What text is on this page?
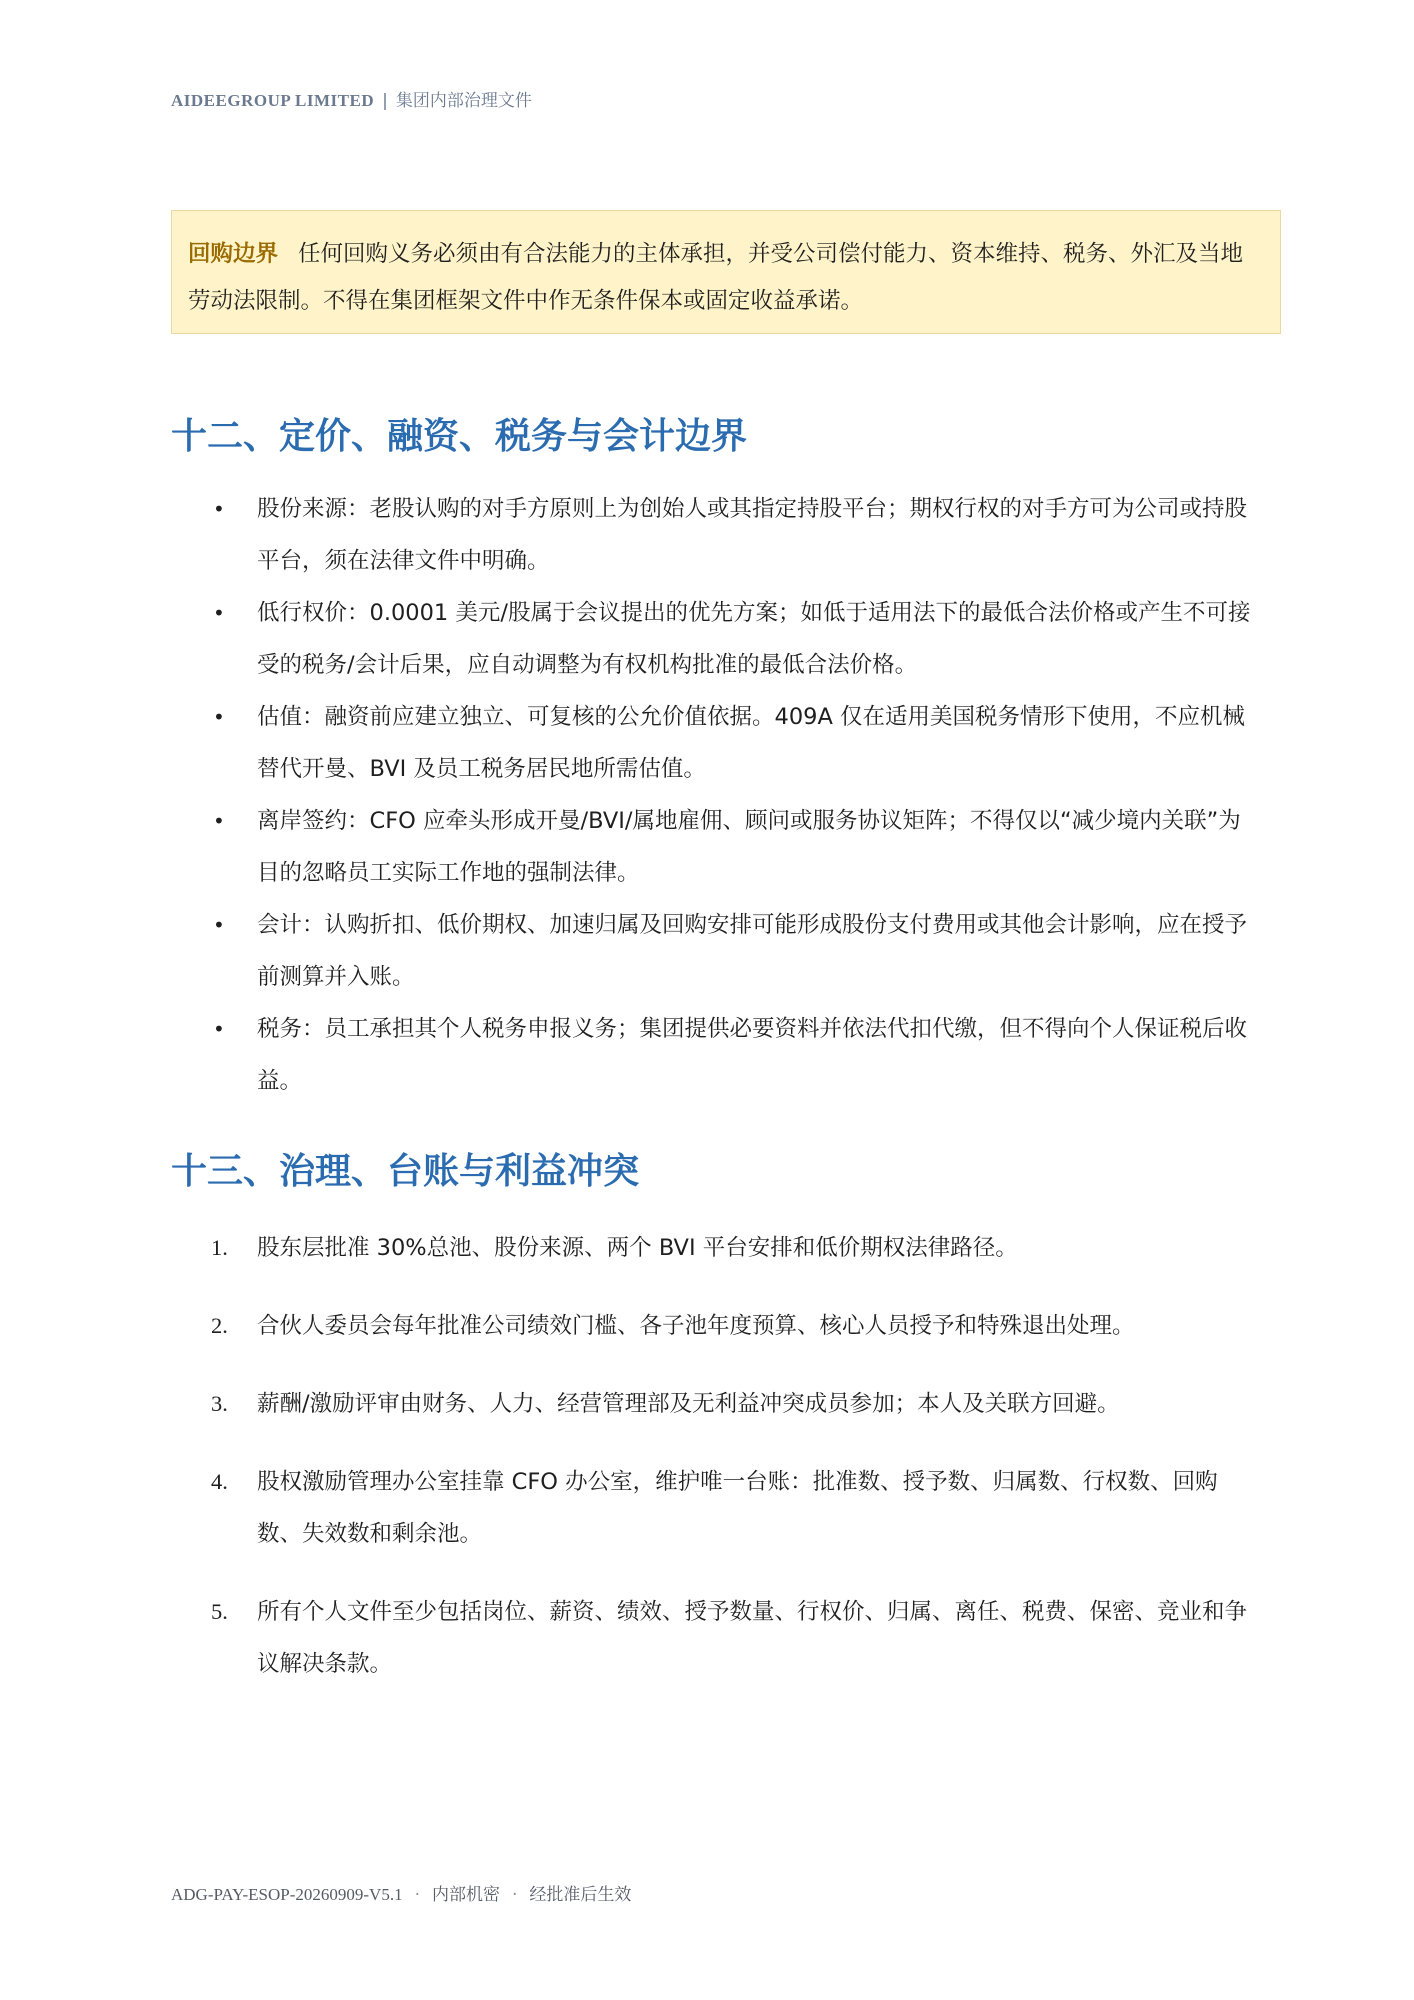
AIDEEGROUP LIMITED | 集团内部治理文件
回购边界 任何回购义务必须由有合法能力的主体承担，并受公司偿付能力、资本维持、税务、外汇及当地劳动法限制。不得在集团框架文件中作无条件保本或固定收益承诺。
十二、定价、融资、税务与会计边界
• 股份来源：老股认购的对手方原则上为创始人或其指定持股平台；期权行权的对手方可为公司或持股平台，须在法律文件中明确。
• 低行权价：0.0001 美元/股属于会议提出的优先方案；如低于适用法下的最低合法价格或产生不可接受的税务/会计后果，应自动调整为有权机构批准的最低合法价格。
• 估值：融资前应建立独立、可复核的公允价值依据。409A 仅在适用美国税务情形下使用，不应机械替代开曼、BVI 及员工税务居民地所需估值。
• 离岸签约：CFO 应牵头形成开曼/BVI/属地雇佣、顾问或服务协议矩阵；不得仅以“减少境内关联”为目的忽略员工实际工作地的强制法律。
• 会计：认购折扣、低价期权、加速归属及回购安排可能形成股份支付费用或其他会计影响，应在授予前测算并入账。
• 税务：员工承担其个人税务申报义务；集团提供必要资料并依法代扣代缴，但不得向个人保证税后收益。
十三、治理、台账与利益冲突
1. 股东层批准 30%总池、股份来源、两个 BVI 平台安排和低价期权法律路径。
2. 合伙人委员会每年批准公司绩效门槛、各子池年度预算、核心人员授予和特殊退出处理。
3. 薪酬/激励评审由财务、人力、经营管理部及无利益冲突成员参加；本人及关联方回避。
4. 股权激励管理办公室挂靠 CFO 办公室，维护唯一台账：批准数、授予数、归属数、行权数、回购数、失效数和剩余池。
5. 所有个人文件至少包括岗位、薪资、绩效、授予数量、行权价、归属、离任、税费、保密、竞业和争议解决条款。
ADG-PAY-ESOP-20260909-V5.1 · 内部机密 · 经批准后生效
